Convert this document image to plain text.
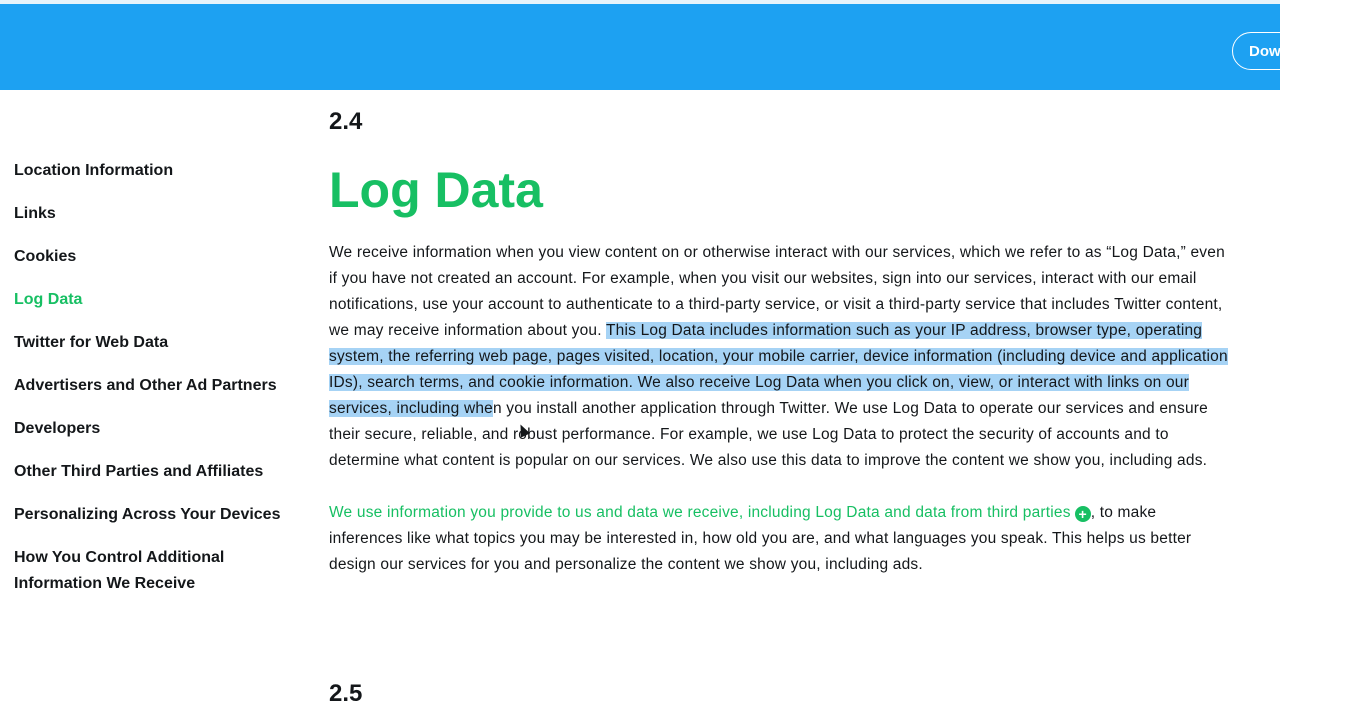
Download PDF
Location Information
Links
Cookies
Log Data
Twitter for Web Data
Advertisers and Other Ad Partners
Developers
Other Third Parties and Affiliates
Personalizing Across Your Devices
How You Control Additional Information We Receive
2.4
Log Data

We receive information when you view content on or otherwise interact with our services, which we refer to as “Log Data,” even if you have not created an account. For example, when you visit our websites, sign into our services, interact with our email notifications, use your account to authenticate to a third-party service, or visit a third-party service that includes Twitter content, we may receive information about you. This Log Data includes information such as your IP address, browser type, operating system, the referring web page, pages visited, location, your mobile carrier, device information (including device and application IDs), search terms, and cookie information. We also receive Log Data when you click on, view, or interact with links on our services, including when you install another application through Twitter. We use Log Data to operate our services and ensure their secure, reliable, and robust performance. For example, we use Log Data to protect the security of accounts and to determine what content is popular on our services. We also use this data to improve the content we show you, including ads.

We use information you provide to us and data we receive, including Log Data and data from third parties + , to make inferences like what topics you may be interested in, how old you are, and what languages you speak. This helps us better design our services for you and personalize the content we show you, including ads.

2.5
